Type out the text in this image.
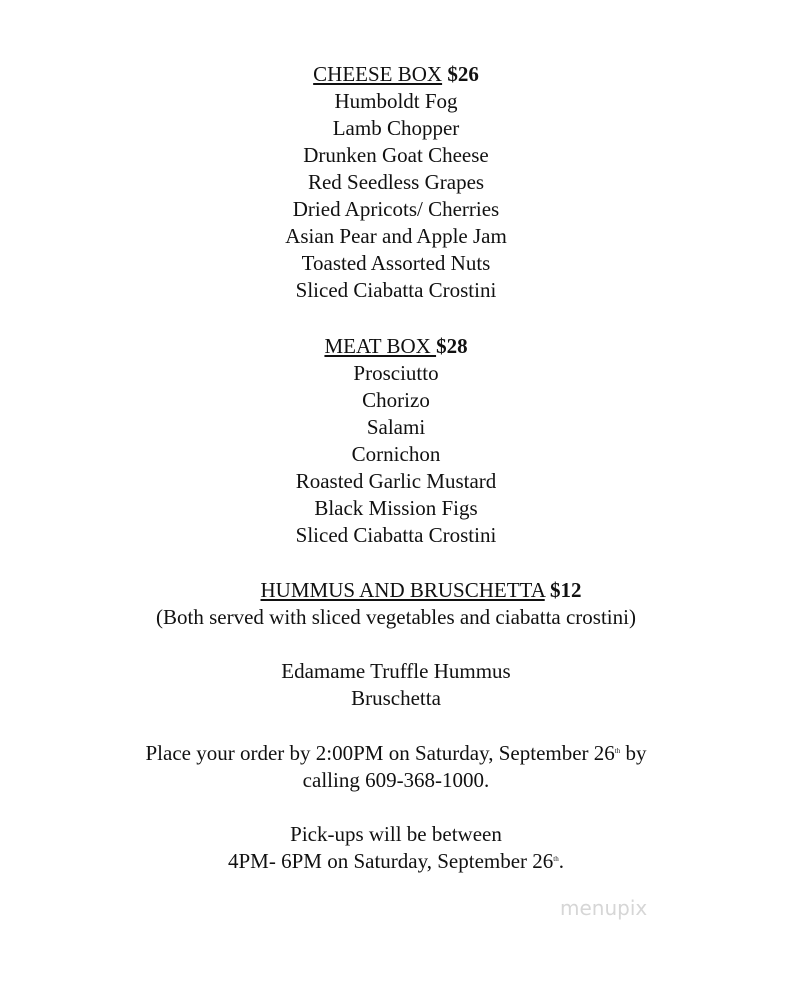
CHEESE BOX $26
Humboldt Fog
Lamb Chopper
Drunken Goat Cheese
Red Seedless Grapes
Dried Apricots/ Cherries
Asian Pear and Apple Jam
Toasted Assorted Nuts
Sliced Ciabatta Crostini
MEAT BOX $28
Prosciutto
Chorizo
Salami
Cornichon
Roasted Garlic Mustard
Black Mission Figs
Sliced Ciabatta Crostini
HUMMUS AND BRUSCHETTA $12
(Both served with sliced vegetables and ciabatta crostini)
Edamame Truffle Hummus
Bruschetta
Place your order by 2:00PM on Saturday, September 26th by
calling 609-368-1000.
Pick-ups will be between
4PM- 6PM on Saturday, September 26th.
menupix
